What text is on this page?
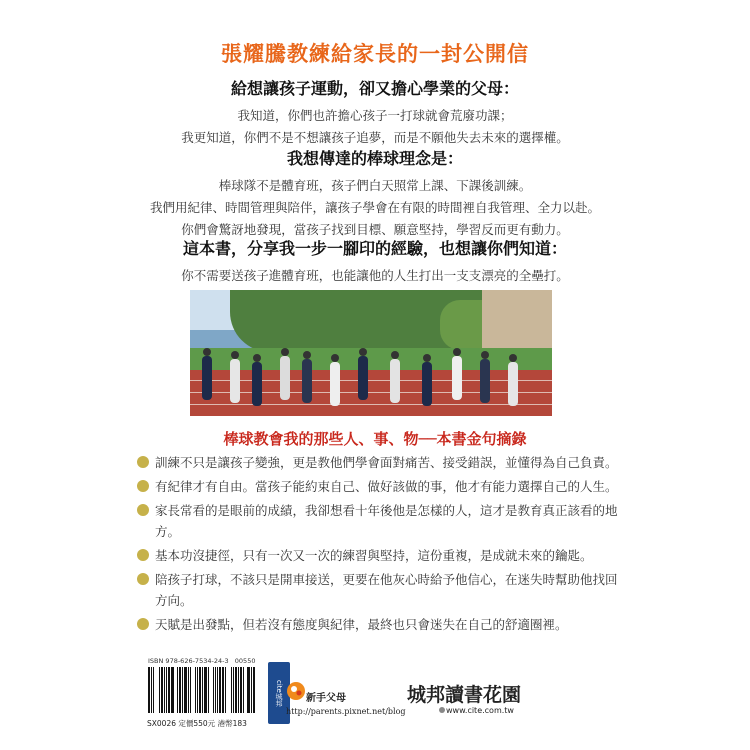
張耀騰教練給家長的一封公開信
給想讓孩子運動，卻又擔心學業的父母：

我知道，你們也許擔心孩子一打球就會荒廢功課；

我更知道，你們不是不想讓孩子追夢，而是不願他失去未來的選擇權。

我想傳達的棒球理念是：

棒球隊不是體育班，孩子們白天照常上課、下課後訓練。

我們用紀律、時間管理與陪伴，讓孩子學會在有限的時間裡自我管理、全力以赴。

你們會驚訝地發現，當孩子找到目標、願意堅持，學習反而更有動力。

這本書，分享我一步一腳印的經驗，也想讓你們知道：

你不需要送孩子進體育班，也能讓他的人生打出一支支漂亮的全壘打。

棒球教會我的那些人、事、物──本書金句摘錄
訓練不只是讓孩子變強，更是教他們學會面對痛苦、接受錯誤，並懂得為自己負責。
有紀律才有自由。當孩子能約束自己、做好該做的事，他才有能力選擇自己的人生。
家長常看的是眼前的成績，我卻想看十年後他是怎樣的人，這才是教育真正該看的地方。
基本功沒捷徑，只有一次又一次的練習與堅持，這份重複，是成就未來的鑰匙。
陪孩子打球，不該只是開車接送，更要在他灰心時給予他信心，在迷失時幫助他找回方向。
天賦是出發點，但若沒有態度與紀律，最終也只會迷失在自己的舒適圈裡。
ISBN 978-626-7534-24-3 00550
SX0026 定價550元 港幣183
cite城邦	新手父母
http://parents.pixnet.net/blog
城邦讀書花園
www.cite.com.tw
